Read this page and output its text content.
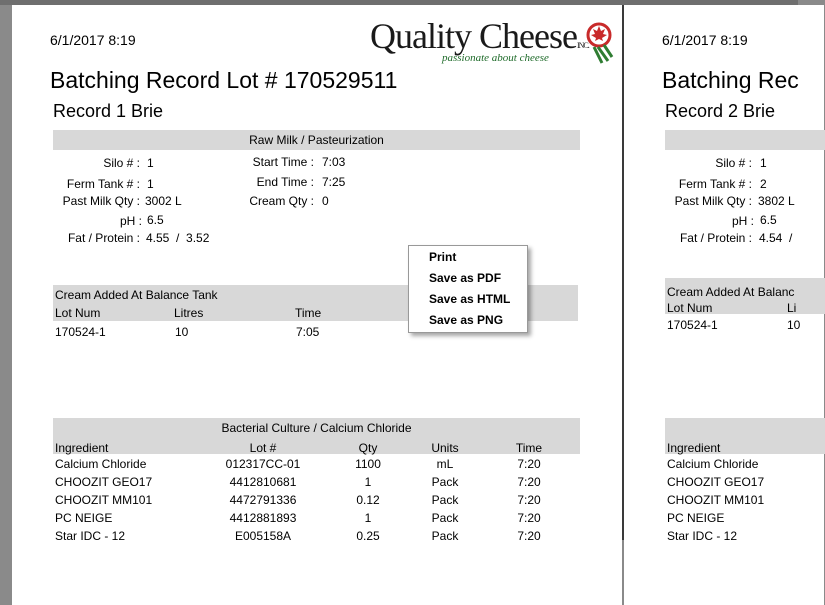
6/1/2017 8:19	Quality CheeseINC.
passionate about cheese
Batching Record Lot # 170529511
Record 1 Brie
Raw Milk / Pasteurization
Silo # : 1
Ferm Tank # : 1
Past Milk Qty : 3002 L
pH : 6.5
Fat / Protein : 4.55  /  3.52
Start Time : 7:03
End Time : 7:25
Cream Qty : 0
Cream Added At Balance Tank
Lot Num	Litres	Time
170524-1	10	7:05
Bacterial Culture / Calcium Chloride
Ingredient	Lot #	Qty	Units	Time
Calcium Chloride	012317CC-01	1100	mL	7:20
CHOOZIT GEO17	4412810681	1	Pack	7:20
CHOOZIT MM101	4472791336	0.12	Pack	7:20
PC NEIGE	4412881893	1	Pack	7:20
Star IDC - 12	E005158A	0.25	Pack	7:20
6/1/2017 8:19
Batching Rec
Record 2 Brie
Silo # : 1
Ferm Tank # : 2
Past Milk Qty : 3802 L
pH : 6.5
Fat / Protein : 4.54  /
Cream Added At Balanc
Lot Num	Li
170524-1	10
Ingredient
Calcium Chloride
CHOOZIT GEO17
CHOOZIT MM101
PC NEIGE
Star IDC - 12
Print
Save as PDF
Save as HTML
Save as PNG
